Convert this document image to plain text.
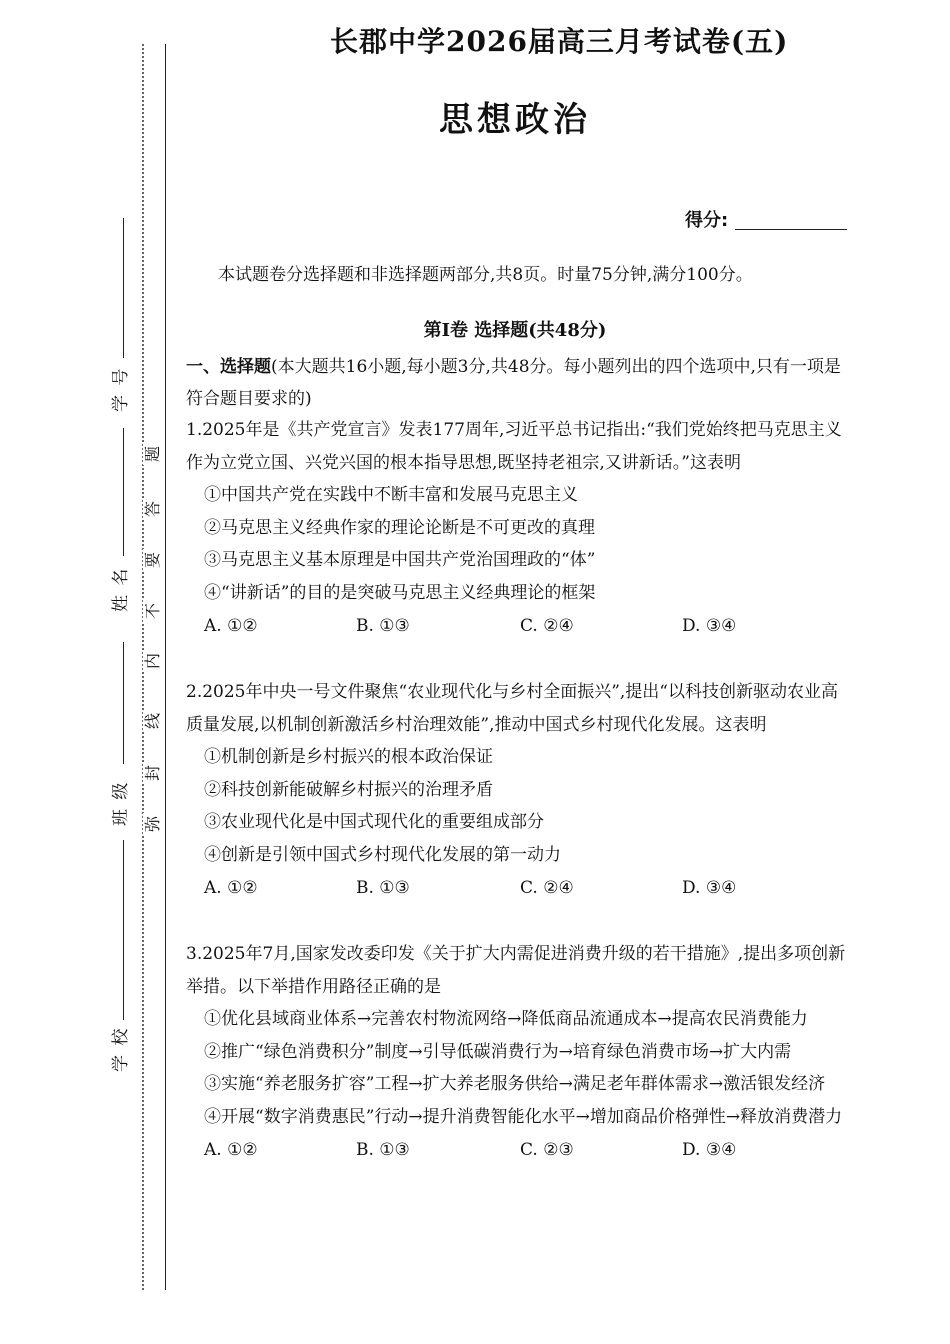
学 号
姓 名
班 级
学 校
题
答
要
不
内
线
封
弥
长郡中学2026届高三月考试卷(五)
思想政治
得分:
本试题卷分选择题和非选择题两部分,共8页。时量75分钟,满分100分。
第Ⅰ卷 选择题(共48分)
一、选择题(本大题共16小题,每小题3分,共48分。每小题列出的四个选项中,只有一项是符合题目要求的)
1.2025年是《共产党宣言》发表177周年,习近平总书记指出:“我们党始终把马克思主义作为立党立国、兴党兴国的根本指导思想,既坚持老祖宗,又讲新话。”这表明
①中国共产党在实践中不断丰富和发展马克思主义
②马克思主义经典作家的理论论断是不可更改的真理
③马克思主义基本原理是中国共产党治国理政的“体”
④“讲新话”的目的是突破马克思主义经典理论的框架
A. ①②	B. ①③	C. ②④	D. ③④
2.2025年中央一号文件聚焦“农业现代化与乡村全面振兴”,提出“以科技创新驱动农业高质量发展,以机制创新激活乡村治理效能”,推动中国式乡村现代化发展。这表明
①机制创新是乡村振兴的根本政治保证
②科技创新能破解乡村振兴的治理矛盾
③农业现代化是中国式现代化的重要组成部分
④创新是引领中国式乡村现代化发展的第一动力
A. ①②	B. ①③	C. ②④	D. ③④
3.2025年7月,国家发改委印发《关于扩大内需促进消费升级的若干措施》,提出多项创新举措。以下举措作用路径正确的是
①优化县域商业体系→完善农村物流网络→降低商品流通成本→提高农民消费能力
②推广“绿色消费积分”制度→引导低碳消费行为→培育绿色消费市场→扩大内需
③实施“养老服务扩容”工程→扩大养老服务供给→满足老年群体需求→激活银发经济
④开展“数字消费惠民”行动→提升消费智能化水平→增加商品价格弹性→释放消费潜力
A. ①②	B. ①③	C. ②③	D. ③④
